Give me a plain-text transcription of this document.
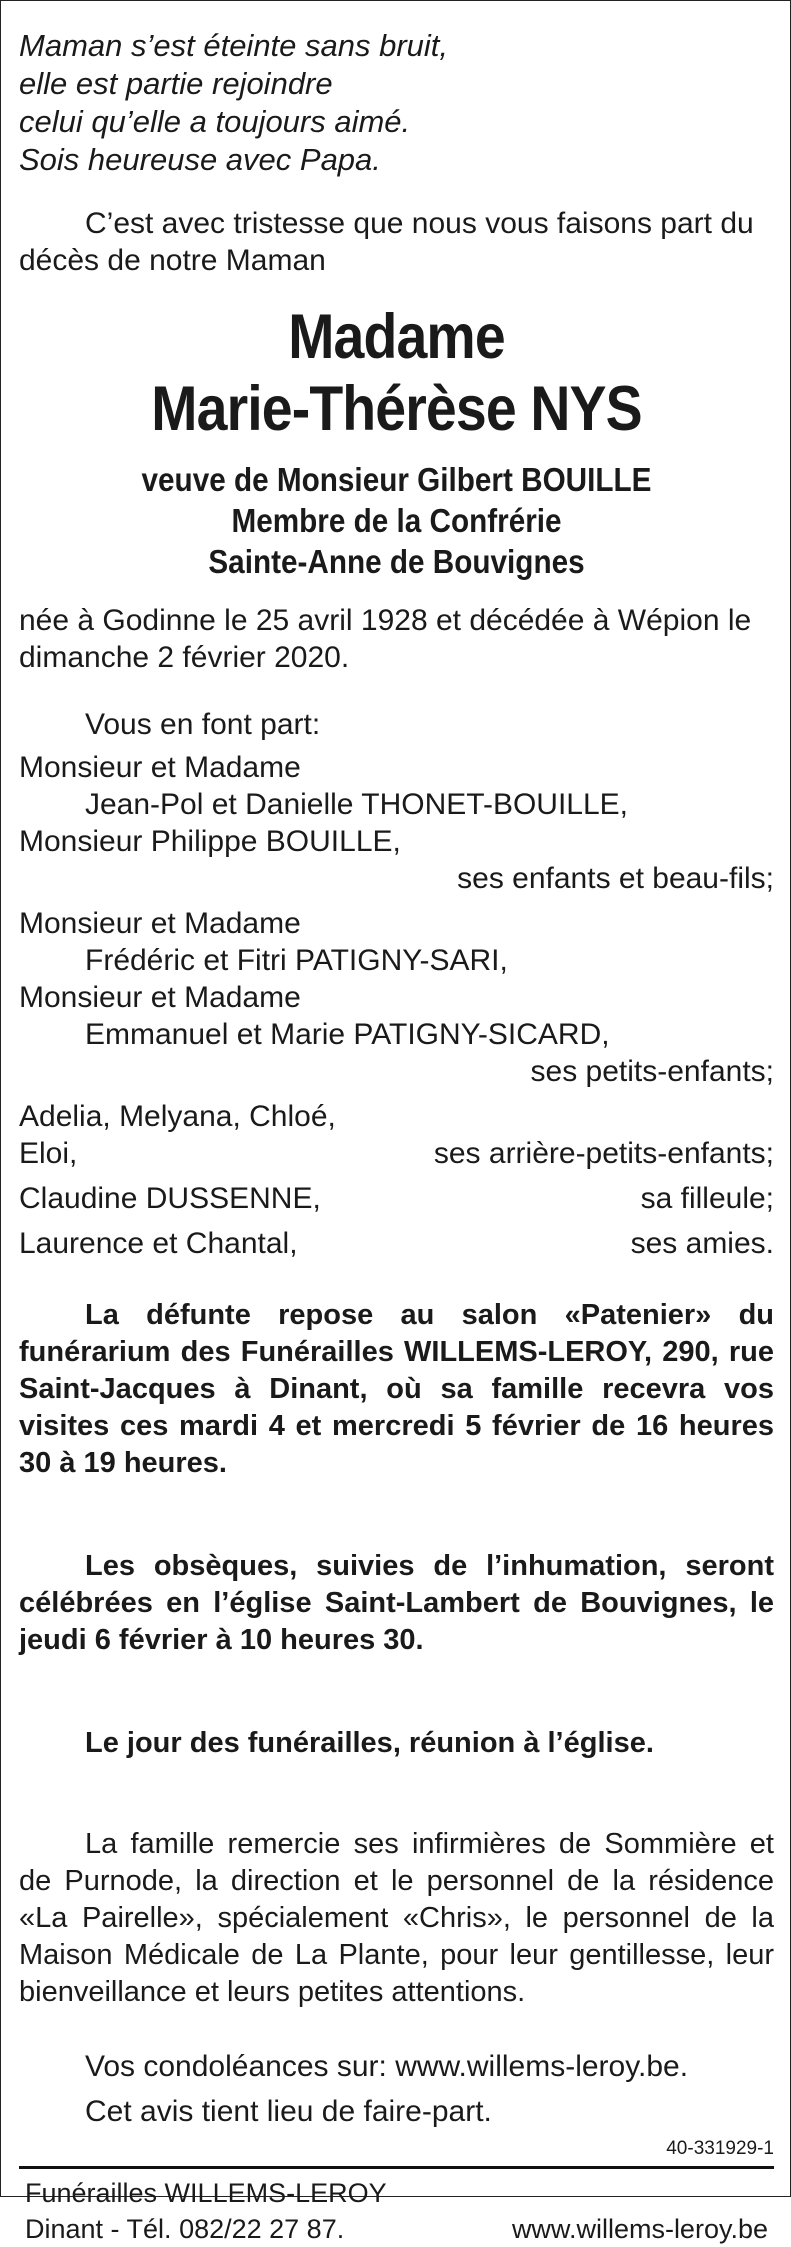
Maman s’est éteinte sans bruit,
elle est partie rejoindre
celui qu’elle a toujours aimé.
Sois heureuse avec Papa.

C’est avec tristesse que nous vous faisons part du décès de notre Maman

Madame

Marie-Thérèse NYS

veuve de Monsieur Gilbert BOUILLE

Membre de la Confrérie

Sainte-Anne de Bouvignes

née à Godinne le 25 avril 1928 et décédée à Wépion le dimanche 2 février 2020.

Vous en font part:
Monsieur et Madame
Jean-Pol et Danielle THONET-BOUILLE,
Monsieur Philippe BOUILLE,
ses enfants et beau-fils;
Monsieur et Madame
Frédéric et Fitri PATIGNY-SARI,
Monsieur et Madame
Emmanuel et Marie PATIGNY-SICARD,
ses petits-enfants;
Adelia, Melyana, Chloé,
Eloi,	ses arrière-petits-enfants;
Claudine DUSSENNE,	sa filleule;
Laurence et Chantal,	ses amies.

La défunte repose au salon «Patenier» du funérarium des Funérailles WILLEMS-LEROY, 290, rue Saint-Jacques à Dinant, où sa famille recevra vos visites ces mardi 4 et mercredi 5 février de 16 heures 30 à 19 heures.

Les obsèques, suivies de l’inhumation, seront célébrées en l’église Saint-Lambert de Bouvignes, le jeudi 6 février à 10 heures 30.

Le jour des funérailles, réunion à l’église.

La famille remercie ses infirmières de Sommière et de Purnode, la direction et le personnel de la résidence «La Pairelle», spécialement «Chris», le personnel de la Maison Médicale de La Plante, pour leur gentillesse, leur bienveillance et leurs petites attentions.

Vos condoléances sur: www.willems-leroy.be.

Cet avis tient lieu de faire-part.

40-331929-1
Funérailles WILLEMS-LEROY
Dinant - Tél. 082/22 27 87.	www.willems-leroy.be
